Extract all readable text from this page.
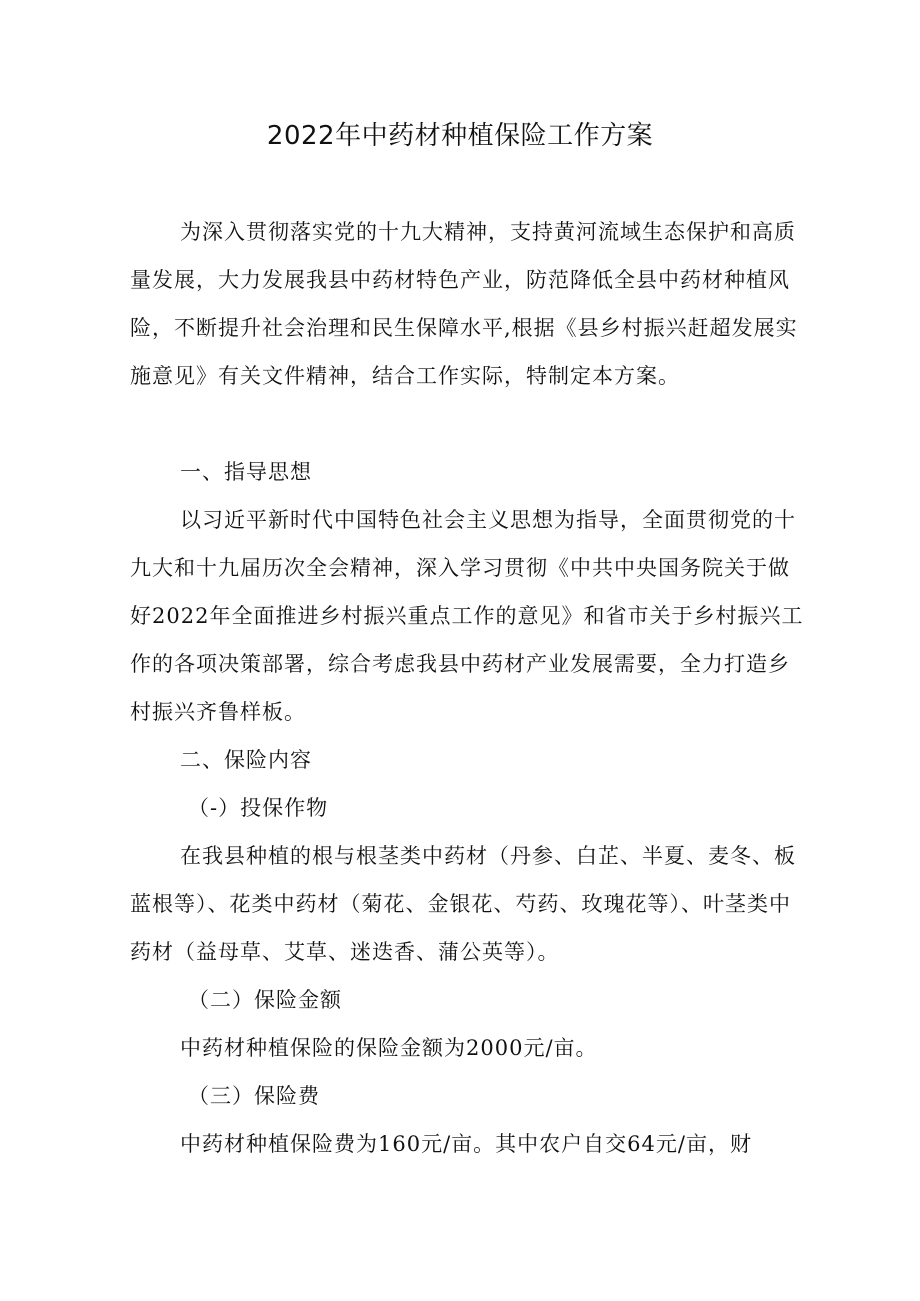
2022年中药材种植保险工作方案

为深入贯彻落实党的十九大精神，支持黄河流域生态保护和高质量发展，大力发展我县中药材特色产业，防范降低全县中药材种植风险，不断提升社会治理和民生保障水平,根据《县乡村振兴赶超发展实施意见》有关文件精神，结合工作实际，特制定本方案。

一、指导思想

以习近平新时代中国特色社会主义思想为指导，全面贯彻党的十九大和十九届历次全会精神，深入学习贯彻《中共中央国务院关于做好2022年全面推进乡村振兴重点工作的意见》和省市关于乡村振兴工作的各项决策部署，综合考虑我县中药材产业发展需要，全力打造乡村振兴齐鲁样板。

二、保险内容

（-）投保作物

在我县种植的根与根茎类中药材（丹参、白芷、半夏、麦冬、板蓝根等）、花类中药材（菊花、金银花、芍药、玫瑰花等）、叶茎类中药材（益母草、艾草、迷迭香、蒲公英等）。

（二）保险金额

中药材种植保险的保险金额为2000元/亩。

（三）保险费

中药材种植保险费为160元/亩。其中农户自交64元/亩，财
